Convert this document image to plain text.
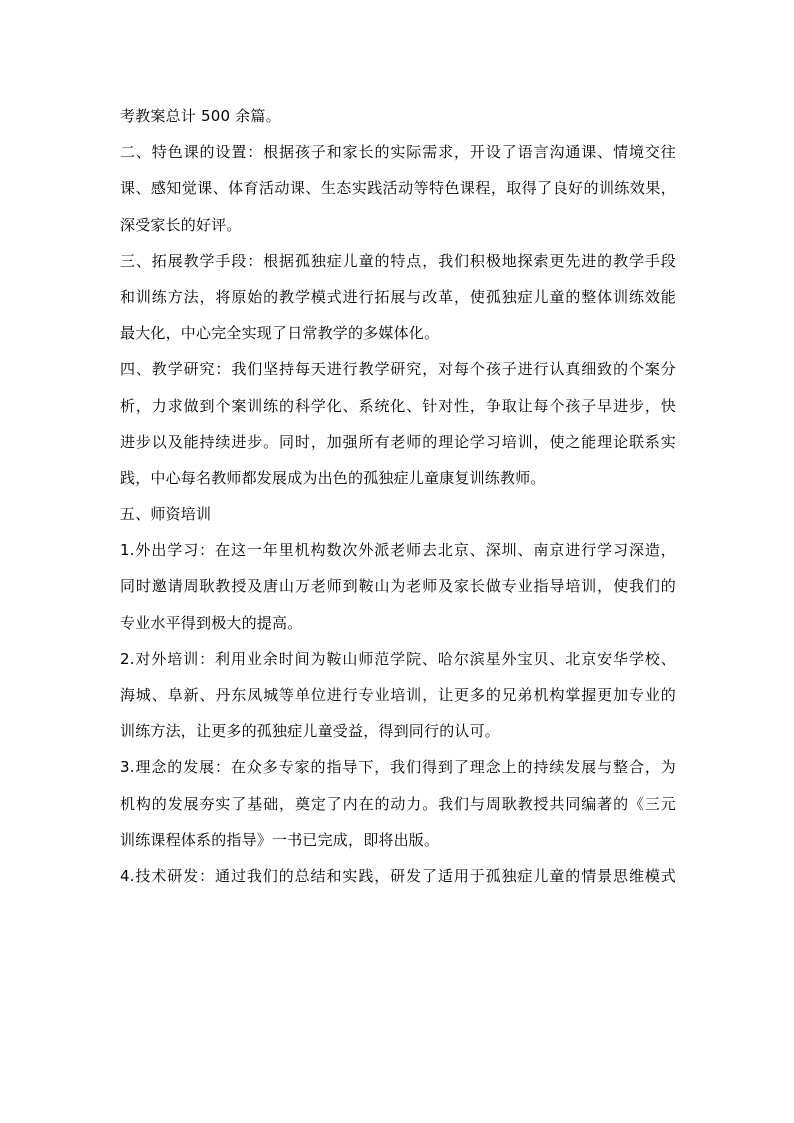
考教案总计 500 余篇。
二、特色课的设置：根据孩子和家长的实际需求，开设了语言沟通课、情境交往
课、感知觉课、体育活动课、生态实践活动等特色课程，取得了良好的训练效果，
深受家长的好评。
三、拓展教学手段：根据孤独症儿童的特点，我们积极地探索更先进的教学手段
和训练方法，将原始的教学模式进行拓展与改革，使孤独症儿童的整体训练效能
最大化，中心完全实现了日常教学的多媒体化。
四、教学研究：我们坚持每天进行教学研究，对每个孩子进行认真细致的个案分
析，力求做到个案训练的科学化、系统化、针对性，争取让每个孩子早进步，快
进步以及能持续进步。同时，加强所有老师的理论学习培训，使之能理论联系实
践，中心每名教师都发展成为出色的孤独症儿童康复训练教师。
五、师资培训
1.外出学习：在这一年里机构数次外派老师去北京、深圳、南京进行学习深造，
同时邀请周耿教授及唐山万老师到鞍山为老师及家长做专业指导培训，使我们的
专业水平得到极大的提高。
2.对外培训：利用业余时间为鞍山师范学院、哈尔滨星外宝贝、北京安华学校、
海城、阜新、丹东凤城等单位进行专业培训，让更多的兄弟机构掌握更加专业的
训练方法，让更多的孤独症儿童受益，得到同行的认可。
3.理念的发展：在众多专家的指导下，我们得到了理念上的持续发展与整合，为
机构的发展夯实了基础，奠定了内在的动力。我们与周耿教授共同编著的《三元
训练课程体系的指导》一书已完成，即将出版。
4.技术研发：通过我们的总结和实践，研发了适用于孤独症儿童的情景思维模式
